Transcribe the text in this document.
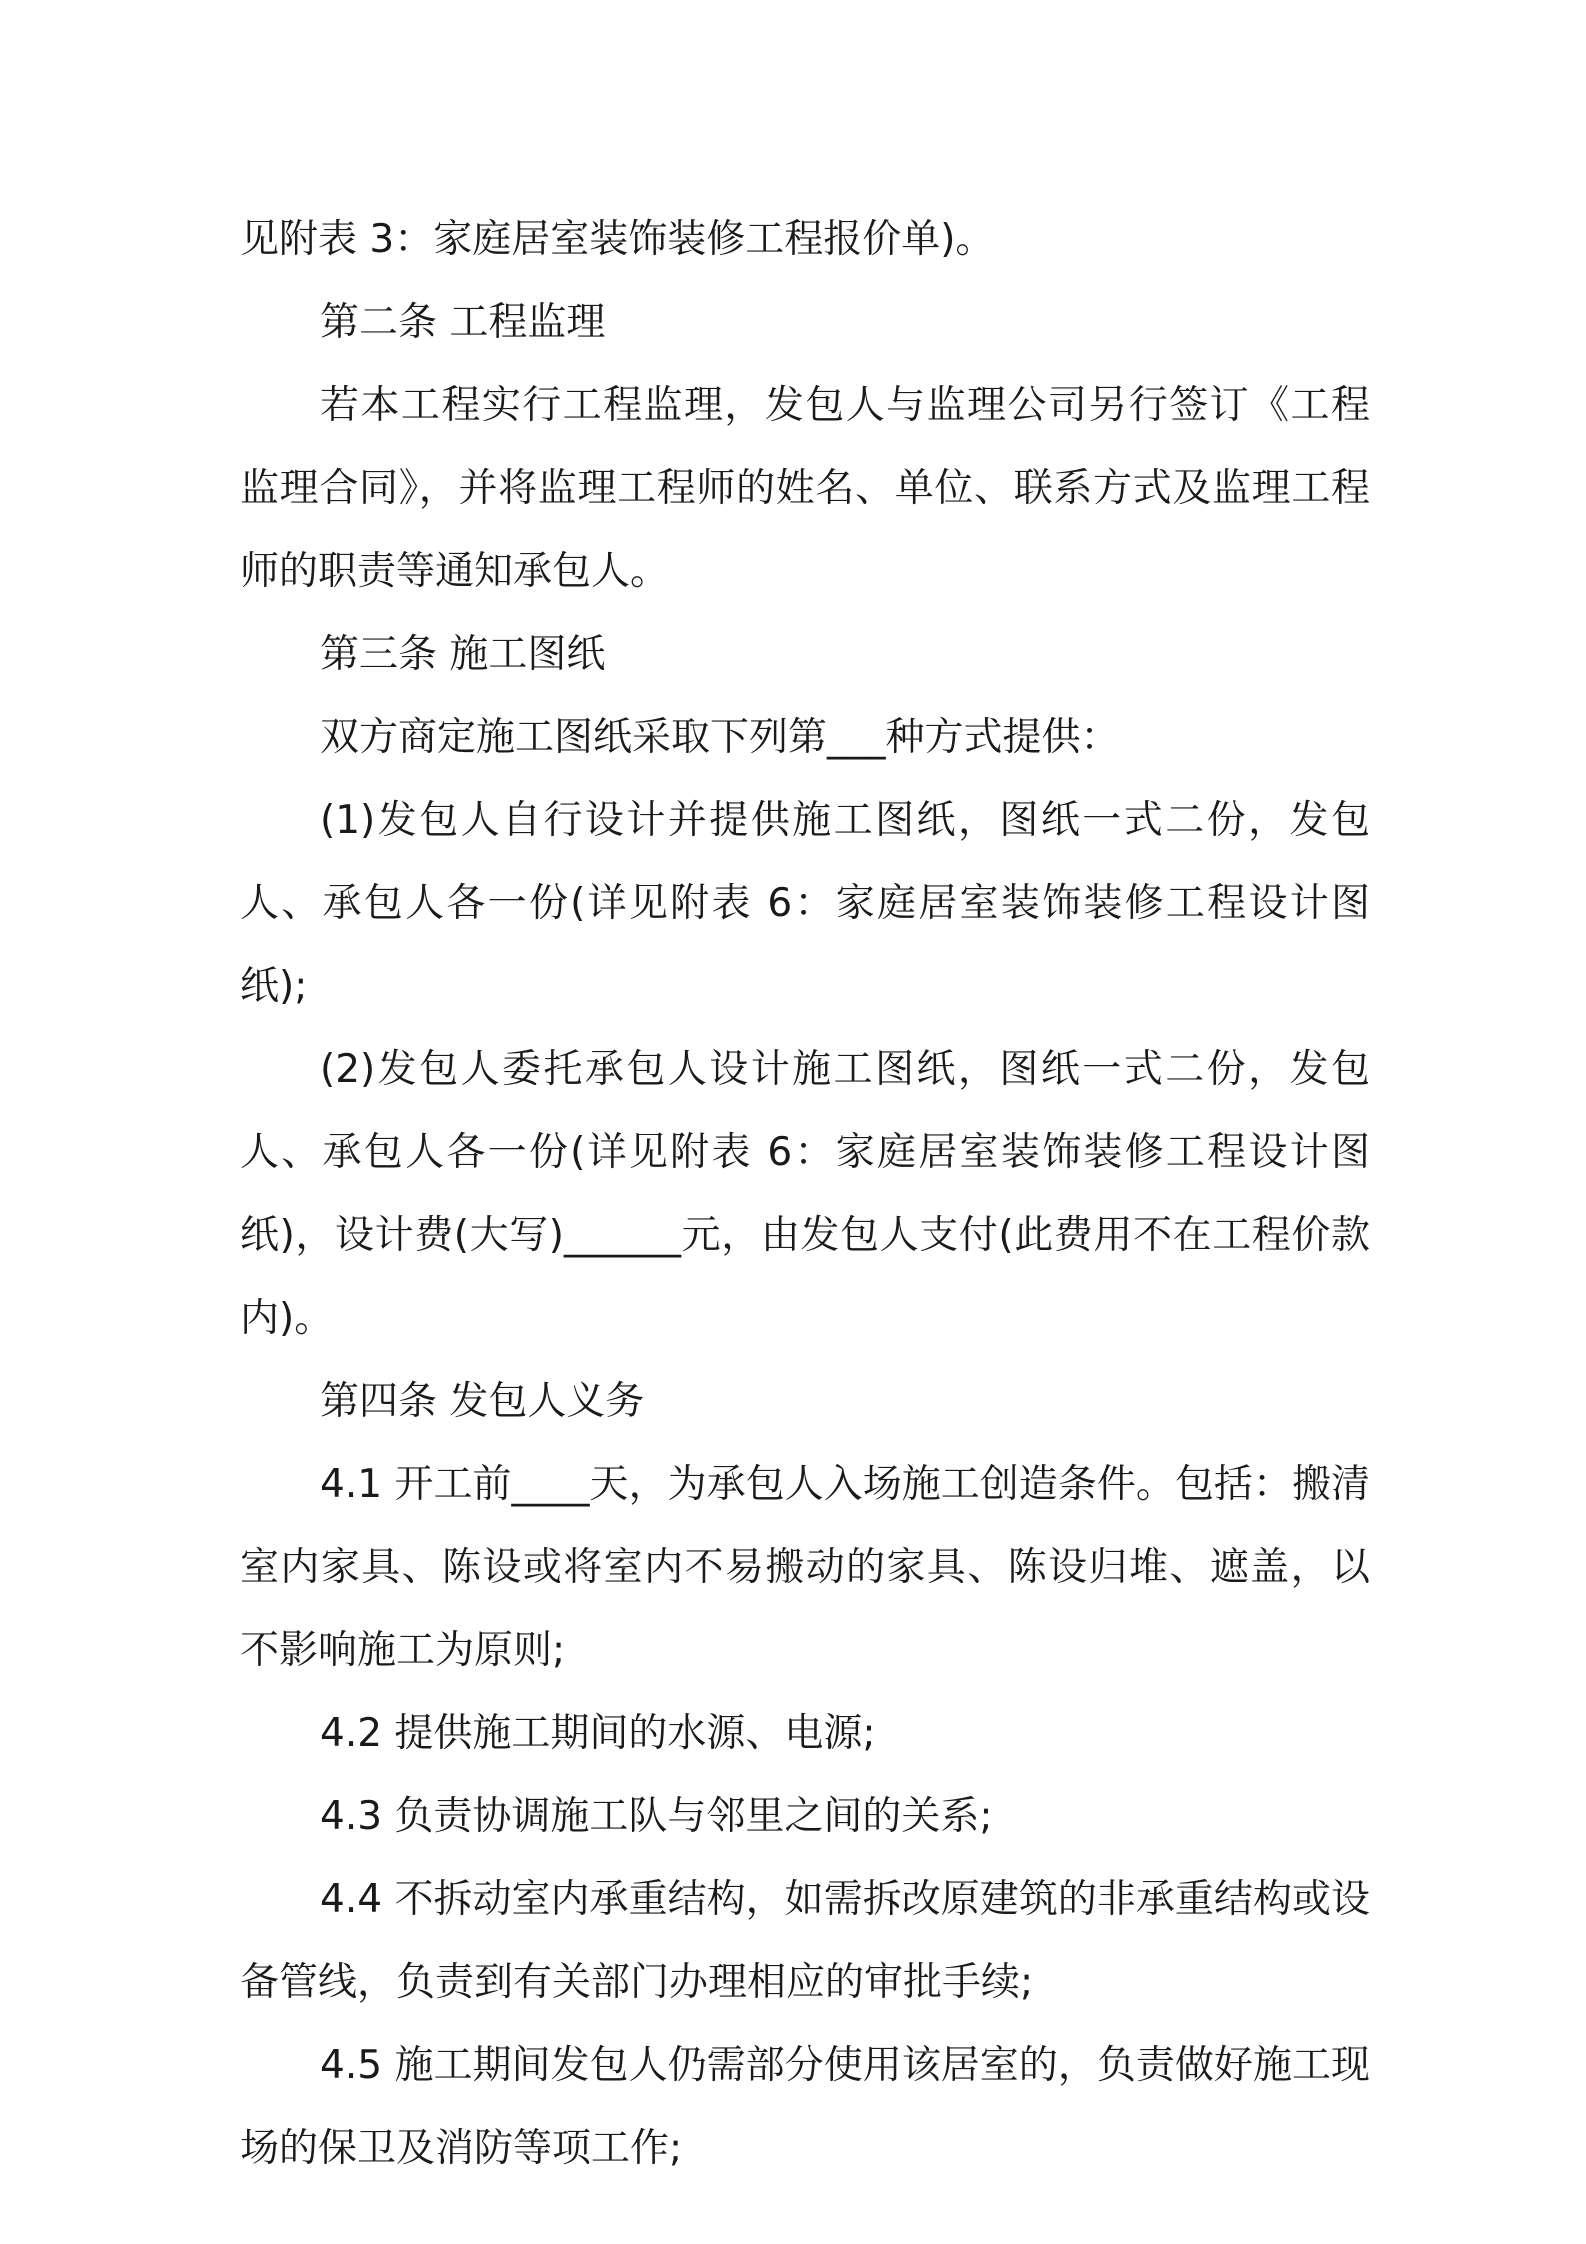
见附表 3：家庭居室装饰装修工程报价单)。

第二条 工程监理

若本工程实行工程监理，发包人与监理公司另行签订《工程监理合同》，并将监理工程师的姓名、单位、联系方式及监理工程师的职责等通知承包人。

第三条 施工图纸

双方商定施工图纸采取下列第___种方式提供：

(1)发包人自行设计并提供施工图纸，图纸一式二份，发包人、承包人各一份(详见附表 6：家庭居室装饰装修工程设计图纸);

(2)发包人委托承包人设计施工图纸，图纸一式二份，发包人、承包人各一份(详见附表 6：家庭居室装饰装修工程设计图纸)，设计费(大写)______元，由发包人支付(此费用不在工程价款内)。

第四条 发包人义务

4.1 开工前____天，为承包人入场施工创造条件。包括：搬清室内家具、陈设或将室内不易搬动的家具、陈设归堆、遮盖，以不影响施工为原则;

4.2 提供施工期间的水源、电源;

4.3 负责协调施工队与邻里之间的关系;

4.4 不拆动室内承重结构，如需拆改原建筑的非承重结构或设备管线，负责到有关部门办理相应的审批手续;

4.5 施工期间发包人仍需部分使用该居室的，负责做好施工现场的保卫及消防等项工作;
